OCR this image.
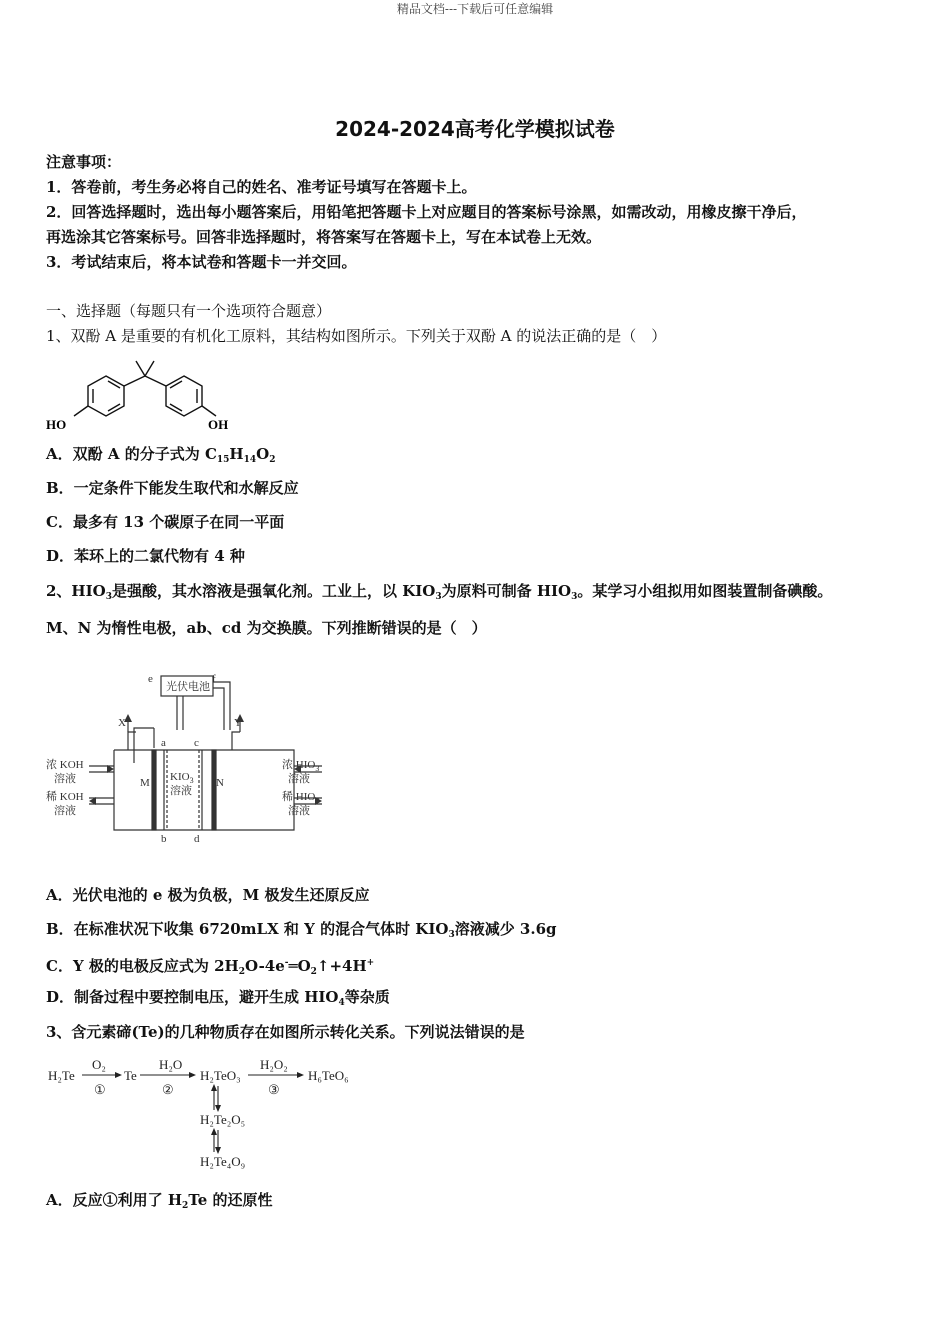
精品文档---下载后可任意编辑
2024-2024高考化学模拟试卷
注意事项：
1．答卷前，考生务必将自己的姓名、准考证号填写在答题卡上。
2．回答选择题时，选出每小题答案后，用铅笔把答题卡上对应题目的答案标号涂黑，如需改动，用橡皮擦干净后，
再选涂其它答案标号。回答非选择题时，将答案写在答题卡上，写在本试卷上无效。
3．考试结束后，将本试卷和答题卡一并交回。
一、选择题（每题只有一个选项符合题意）
1、双酚 A 是重要的有机化工原料，其结构如图所示。下列关于双酚 A 的说法正确的是（　）
HO	OH
A．双酚 A 的分子式为 $C_{15}H_{14}O_2$
B．一定条件下能发生取代和水解反应
C．最多有 13 个碳原子在同一平面
D．苯环上的二氯代物有 4 种
2、$HIO_3$是强酸，其水溶液是强氧化剂。工业上，以 $KIO_3$为原料可制备 $HIO_3$。某学习小组拟用如图装置制备碘酸。
M、N 为惰性电极，ab、cd 为交换膜。下列推断错误的是（　）
光伏电池
e	f
X	Y
a
b
c
d
M	N
$KIO_3$
溶液
浓 KOH
溶液
稀 KOH
溶液
浓 $HIO_3$
溶液
稀 $HIO_3$
溶液
A．光伏电池的 e 极为负极，M 极发生还原反应
B．在标准状况下收集 6720mLX 和 Y 的混合气体时 $KIO_3$溶液减少 3.6g
C．Y 极的电极反应式为 $2H_2O-4e^-═O_2↑+4H^+$
D．制备过程中要控制电压，避开生成 $HIO_4$等杂质
3、含元素碲(Te)的几种物质存在如图所示转化关系。下列说法错误的是
H₂Te
O₂
①
Te
H₂O
②
H₂TeO₃
H₂O₂
③
H₆TeO₆
H₂Te₂O₅
H₂Te₄O₉
A．反应①利用了 $H_2Te$ 的还原性
